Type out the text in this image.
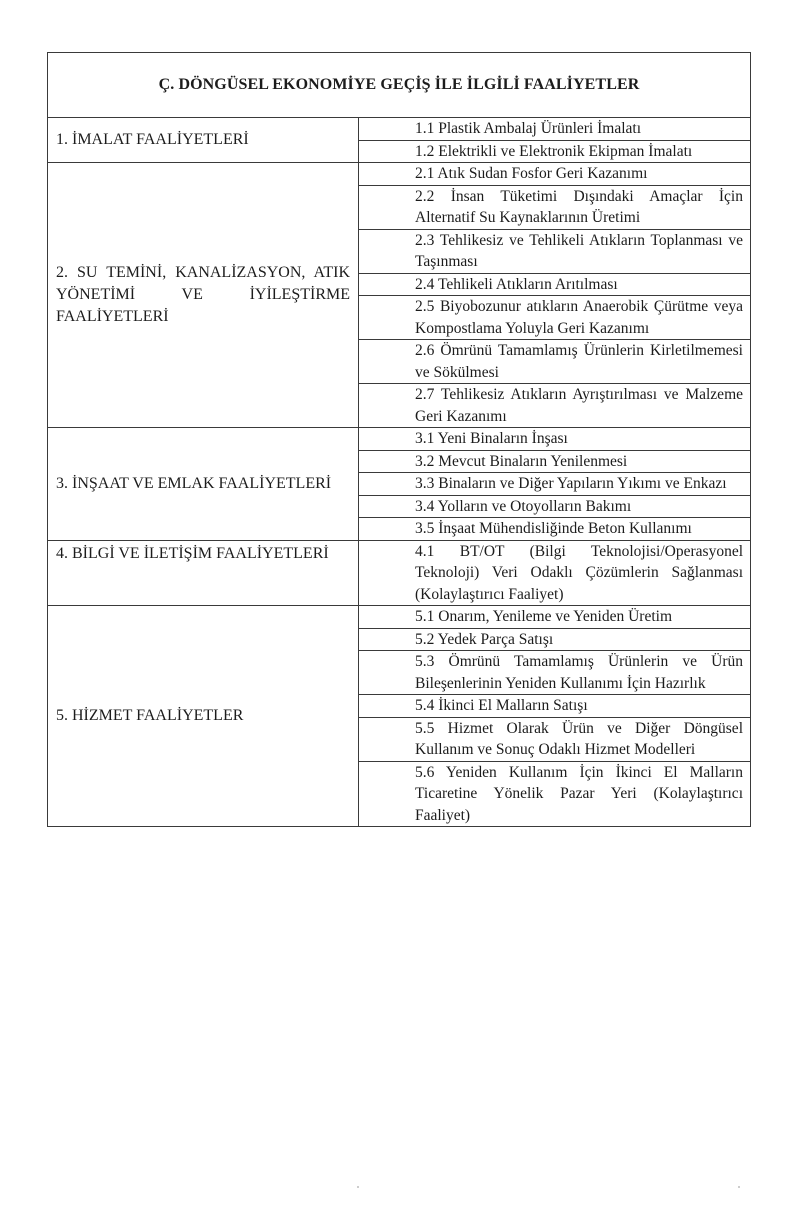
Ç. DÖNGÜSEL EKONOMİYE GEÇİŞ İLE İLGİLİ FAALİYETLER	
1. İMALAT FAALİYETLERİ	1.1 Plastik Ambalaj Ürünleri İmalatı
	1.2 Elektrikli ve Elektronik Ekipman İmalatı
2. SU TEMİNİ, KANALİZASYON, ATIK YÖNETİMİ VE İYİLEŞTİRME FAALİYETLERİ	2.1 Atık Sudan Fosfor Geri Kazanımı
	2.2 İnsan Tüketimi Dışındaki Amaçlar İçin Alternatif Su Kaynaklarının Üretimi
	2.3 Tehlikesiz ve Tehlikeli Atıkların Toplanması ve Taşınması
	2.4 Tehlikeli Atıkların Arıtılması
	2.5 Biyobozunur atıkların Anaerobik Çürütme veya Kompostlama Yoluyla Geri Kazanımı
	2.6 Ömrünü Tamamlamış Ürünlerin Kirletilmemesi ve Sökülmesi
	2.7 Tehlikesiz Atıkların Ayrıştırılması ve Malzeme Geri Kazanımı
3. İNŞAAT VE EMLAK FAALİYETLERİ	3.1 Yeni Binaların İnşası
	3.2 Mevcut Binaların Yenilenmesi
	3.3 Binaların ve Diğer Yapıların Yıkımı ve Enkazı
	3.4 Yolların ve Otoyolların Bakımı
	3.5 İnşaat Mühendisliğinde Beton Kullanımı
4. BİLGİ VE İLETİŞİM FAALİYETLERİ	4.1 BT/OT (Bilgi Teknolojisi/Operasyonel Teknoloji) Veri Odaklı Çözümlerin Sağlanması (Kolaylaştırıcı Faaliyet)
5. HİZMET FAALİYETLER	5.1 Onarım, Yenileme ve Yeniden Üretim
	5.2 Yedek Parça Satışı
	5.3 Ömrünü Tamamlamış Ürünlerin ve Ürün Bileşenlerinin Yeniden Kullanımı İçin Hazırlık
	5.4 İkinci El Malların Satışı
	5.5 Hizmet Olarak Ürün ve Diğer Döngüsel Kullanım ve Sonuç Odaklı Hizmet Modelleri
	5.6 Yeniden Kullanım İçin İkinci El Malların Ticaretine Yönelik Pazar Yeri (Kolaylaştırıcı Faaliyet)
